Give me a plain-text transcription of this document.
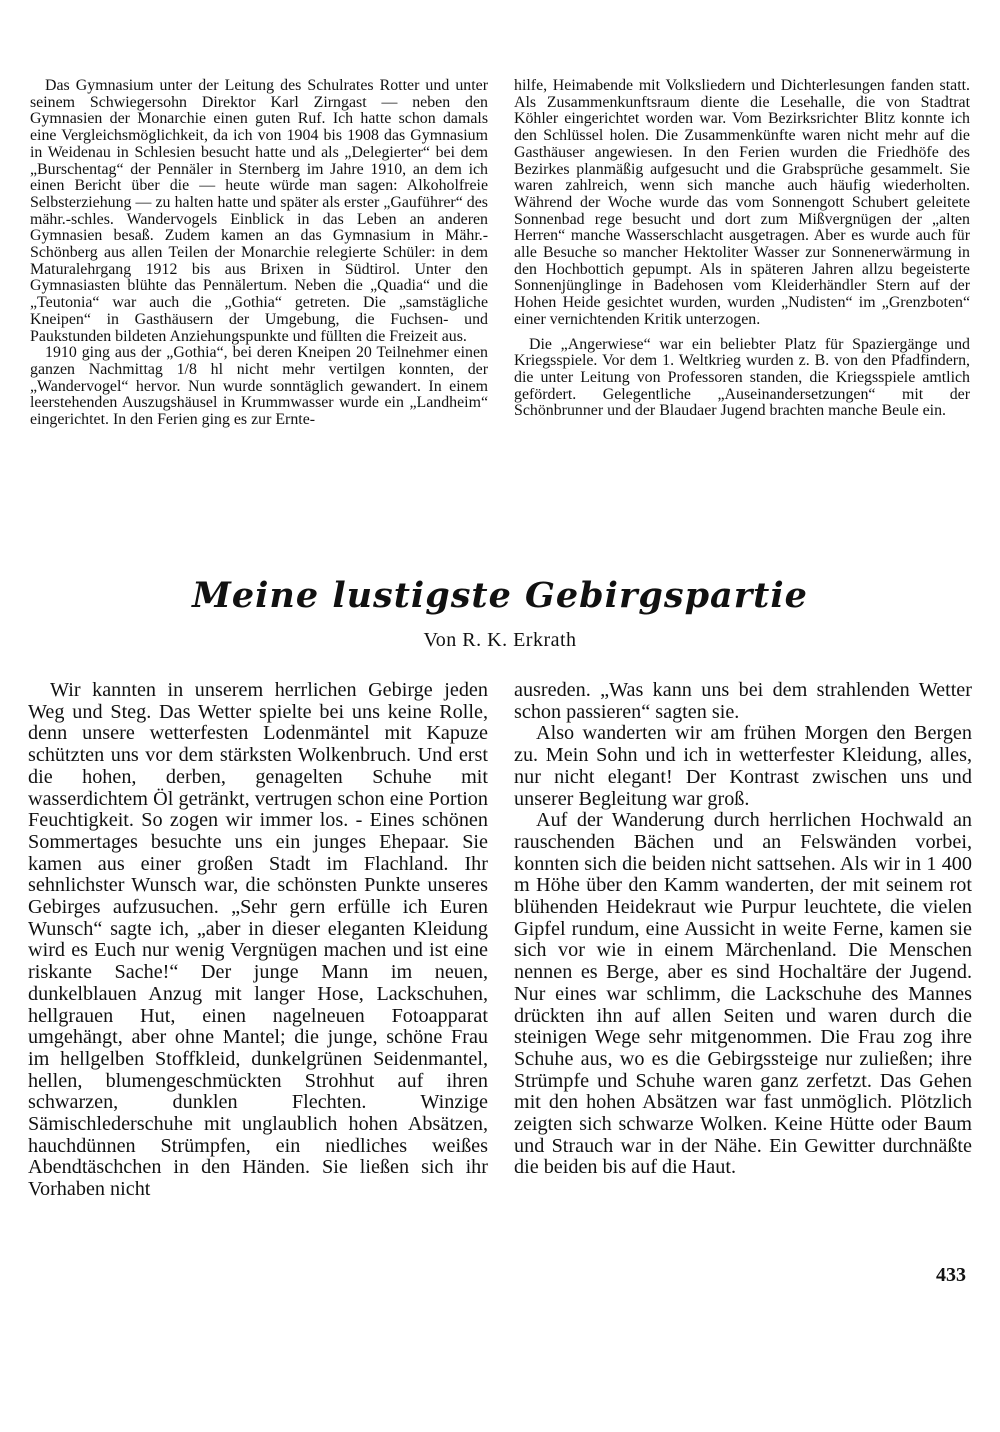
Das Gymnasium unter der Leitung des Schulrates Rotter und unter seinem Schwiegersohn Direktor Karl Zirngast — neben den Gymnasien der Monarchie einen guten Ruf. Ich hatte schon damals eine Vergleichsmöglichkeit, da ich von 1904 bis 1908 das Gymnasium in Weidenau in Schlesien besucht hatte und als „Delegierter“ bei dem „Burschentag“ der Pennäler in Sternberg im Jahre 1910, an dem ich einen Bericht über die — heute würde man sagen: Alkoholfreie Selbsterziehung — zu halten hatte und später als erster „Gauführer“ des mähr.-schles. Wandervogels Einblick in das Leben an anderen Gymnasien besaß. Zudem kamen an das Gymnasium in Mähr.-Schönberg aus allen Teilen der Monarchie relegierte Schüler: in dem Maturalehrgang 1912 bis aus Brixen in Südtirol. Unter den Gymnasiasten blühte das Pennälertum. Neben die „Quadia“ und die „Teutonia“ war auch die „Gothia“ getreten. Die „samstägliche Kneipen“ in Gasthäusern der Umgebung, die Fuchsen- und Paukstunden bildeten Anziehungspunkte und füllten die Freizeit aus.

1910 ging aus der „Gothia“, bei deren Kneipen 20 Teilnehmer einen ganzen Nachmittag 1/8 hl nicht mehr vertilgen konnten, der „Wandervogel“ hervor. Nun wurde sonntäglich gewandert. In einem leerstehenden Auszugshäusel in Krummwasser wurde ein „Landheim“ eingerichtet. In den Ferien ging es zur Ernte-

hilfe, Heimabende mit Volksliedern und Dichterlesungen fanden statt. Als Zusammenkunftsraum diente die Lesehalle, die von Stadtrat Köhler eingerichtet worden war. Vom Bezirksrichter Blitz konnte ich den Schlüssel holen. Die Zusammenkünfte waren nicht mehr auf die Gasthäuser angewiesen. In den Ferien wurden die Friedhöfe des Bezirkes planmäßig aufgesucht und die Grabsprüche gesammelt. Sie waren zahlreich, wenn sich manche auch häufig wiederholten. Während der Woche wurde das vom Sonnengott Schubert geleitete Sonnenbad rege besucht und dort zum Mißvergnügen der „alten Herren“ manche Wasserschlacht ausgetragen. Aber es wurde auch für alle Besuche so mancher Hektoliter Wasser zur Sonnenerwärmung in den Hochbottich gepumpt. Als in späteren Jahren allzu begeisterte Sonnenjünglinge in Badehosen vom Kleiderhändler Stern auf der Hohen Heide gesichtet wurden, wurden „Nudisten“ im „Grenzboten“ einer vernichtenden Kritik unterzogen.

Die „Angerwiese“ war ein beliebter Platz für Spaziergänge und Kriegsspiele. Vor dem 1. Weltkrieg wurden z. B. von den Pfadfindern, die unter Leitung von Professoren standen, die Kriegsspiele amtlich gefördert. Gelegentliche „Auseinandersetzungen“ mit der Schönbrunner und der Blaudaer Jugend brachten manche Beule ein.

Meine lustigste Gebirgspartie
Von R. K. Erkrath

Wir kannten in unserem herrlichen Gebirge jeden Weg und Steg. Das Wetter spielte bei uns keine Rolle, denn unsere wetterfesten Lodenmäntel mit Kapuze schützten uns vor dem stärksten Wolkenbruch. Und erst die hohen, derben, genagelten Schuhe mit wasserdichtem Öl getränkt, vertrugen schon eine Portion Feuchtigkeit. So zogen wir immer los. - Eines schönen Sommertages besuchte uns ein junges Ehepaar. Sie kamen aus einer großen Stadt im Flachland. Ihr sehnlichster Wunsch war, die schönsten Punkte unseres Gebirges aufzusuchen. „Sehr gern erfülle ich Euren Wunsch“ sagte ich, „aber in dieser eleganten Kleidung wird es Euch nur wenig Vergnügen machen und ist eine riskante Sache!“ Der junge Mann im neuen, dunkelblauen Anzug mit langer Hose, Lackschuhen, hellgrauen Hut, einen nagelneuen Fotoapparat umgehängt, aber ohne Mantel; die junge, schöne Frau im hellgelben Stoffkleid, dunkelgrünen Seidenmantel, hellen, blumengeschmückten Strohhut auf ihren schwarzen, dunklen Flechten. Winzige Sämischlederschuhe mit unglaublich hohen Absätzen, hauchdünnen Strümpfen, ein niedliches weißes Abendtäschchen in den Händen. Sie ließen sich ihr Vorhaben nicht

ausreden. „Was kann uns bei dem strahlenden Wetter schon passieren“ sagten sie.

Also wanderten wir am frühen Morgen den Bergen zu. Mein Sohn und ich in wetterfester Kleidung, alles, nur nicht elegant! Der Kontrast zwischen uns und unserer Begleitung war groß.

Auf der Wanderung durch herrlichen Hochwald an rauschenden Bächen und an Felswänden vorbei, konnten sich die beiden nicht sattsehen. Als wir in 1 400 m Höhe über den Kamm wanderten, der mit seinem rot blühenden Heidekraut wie Purpur leuchtete, die vielen Gipfel rundum, eine Aussicht in weite Ferne, kamen sie sich vor wie in einem Märchenland. Die Menschen nennen es Berge, aber es sind Hochaltäre der Jugend. Nur eines war schlimm, die Lackschuhe des Mannes drückten ihn auf allen Seiten und waren durch die steinigen Wege sehr mitgenommen. Die Frau zog ihre Schuhe aus, wo es die Gebirgssteige nur zuließen; ihre Strümpfe und Schuhe waren ganz zerfetzt. Das Gehen mit den hohen Absätzen war fast unmöglich. Plötzlich zeigten sich schwarze Wolken. Keine Hütte oder Baum und Strauch war in der Nähe. Ein Gewitter durchnäßte die beiden bis auf die Haut.

433
